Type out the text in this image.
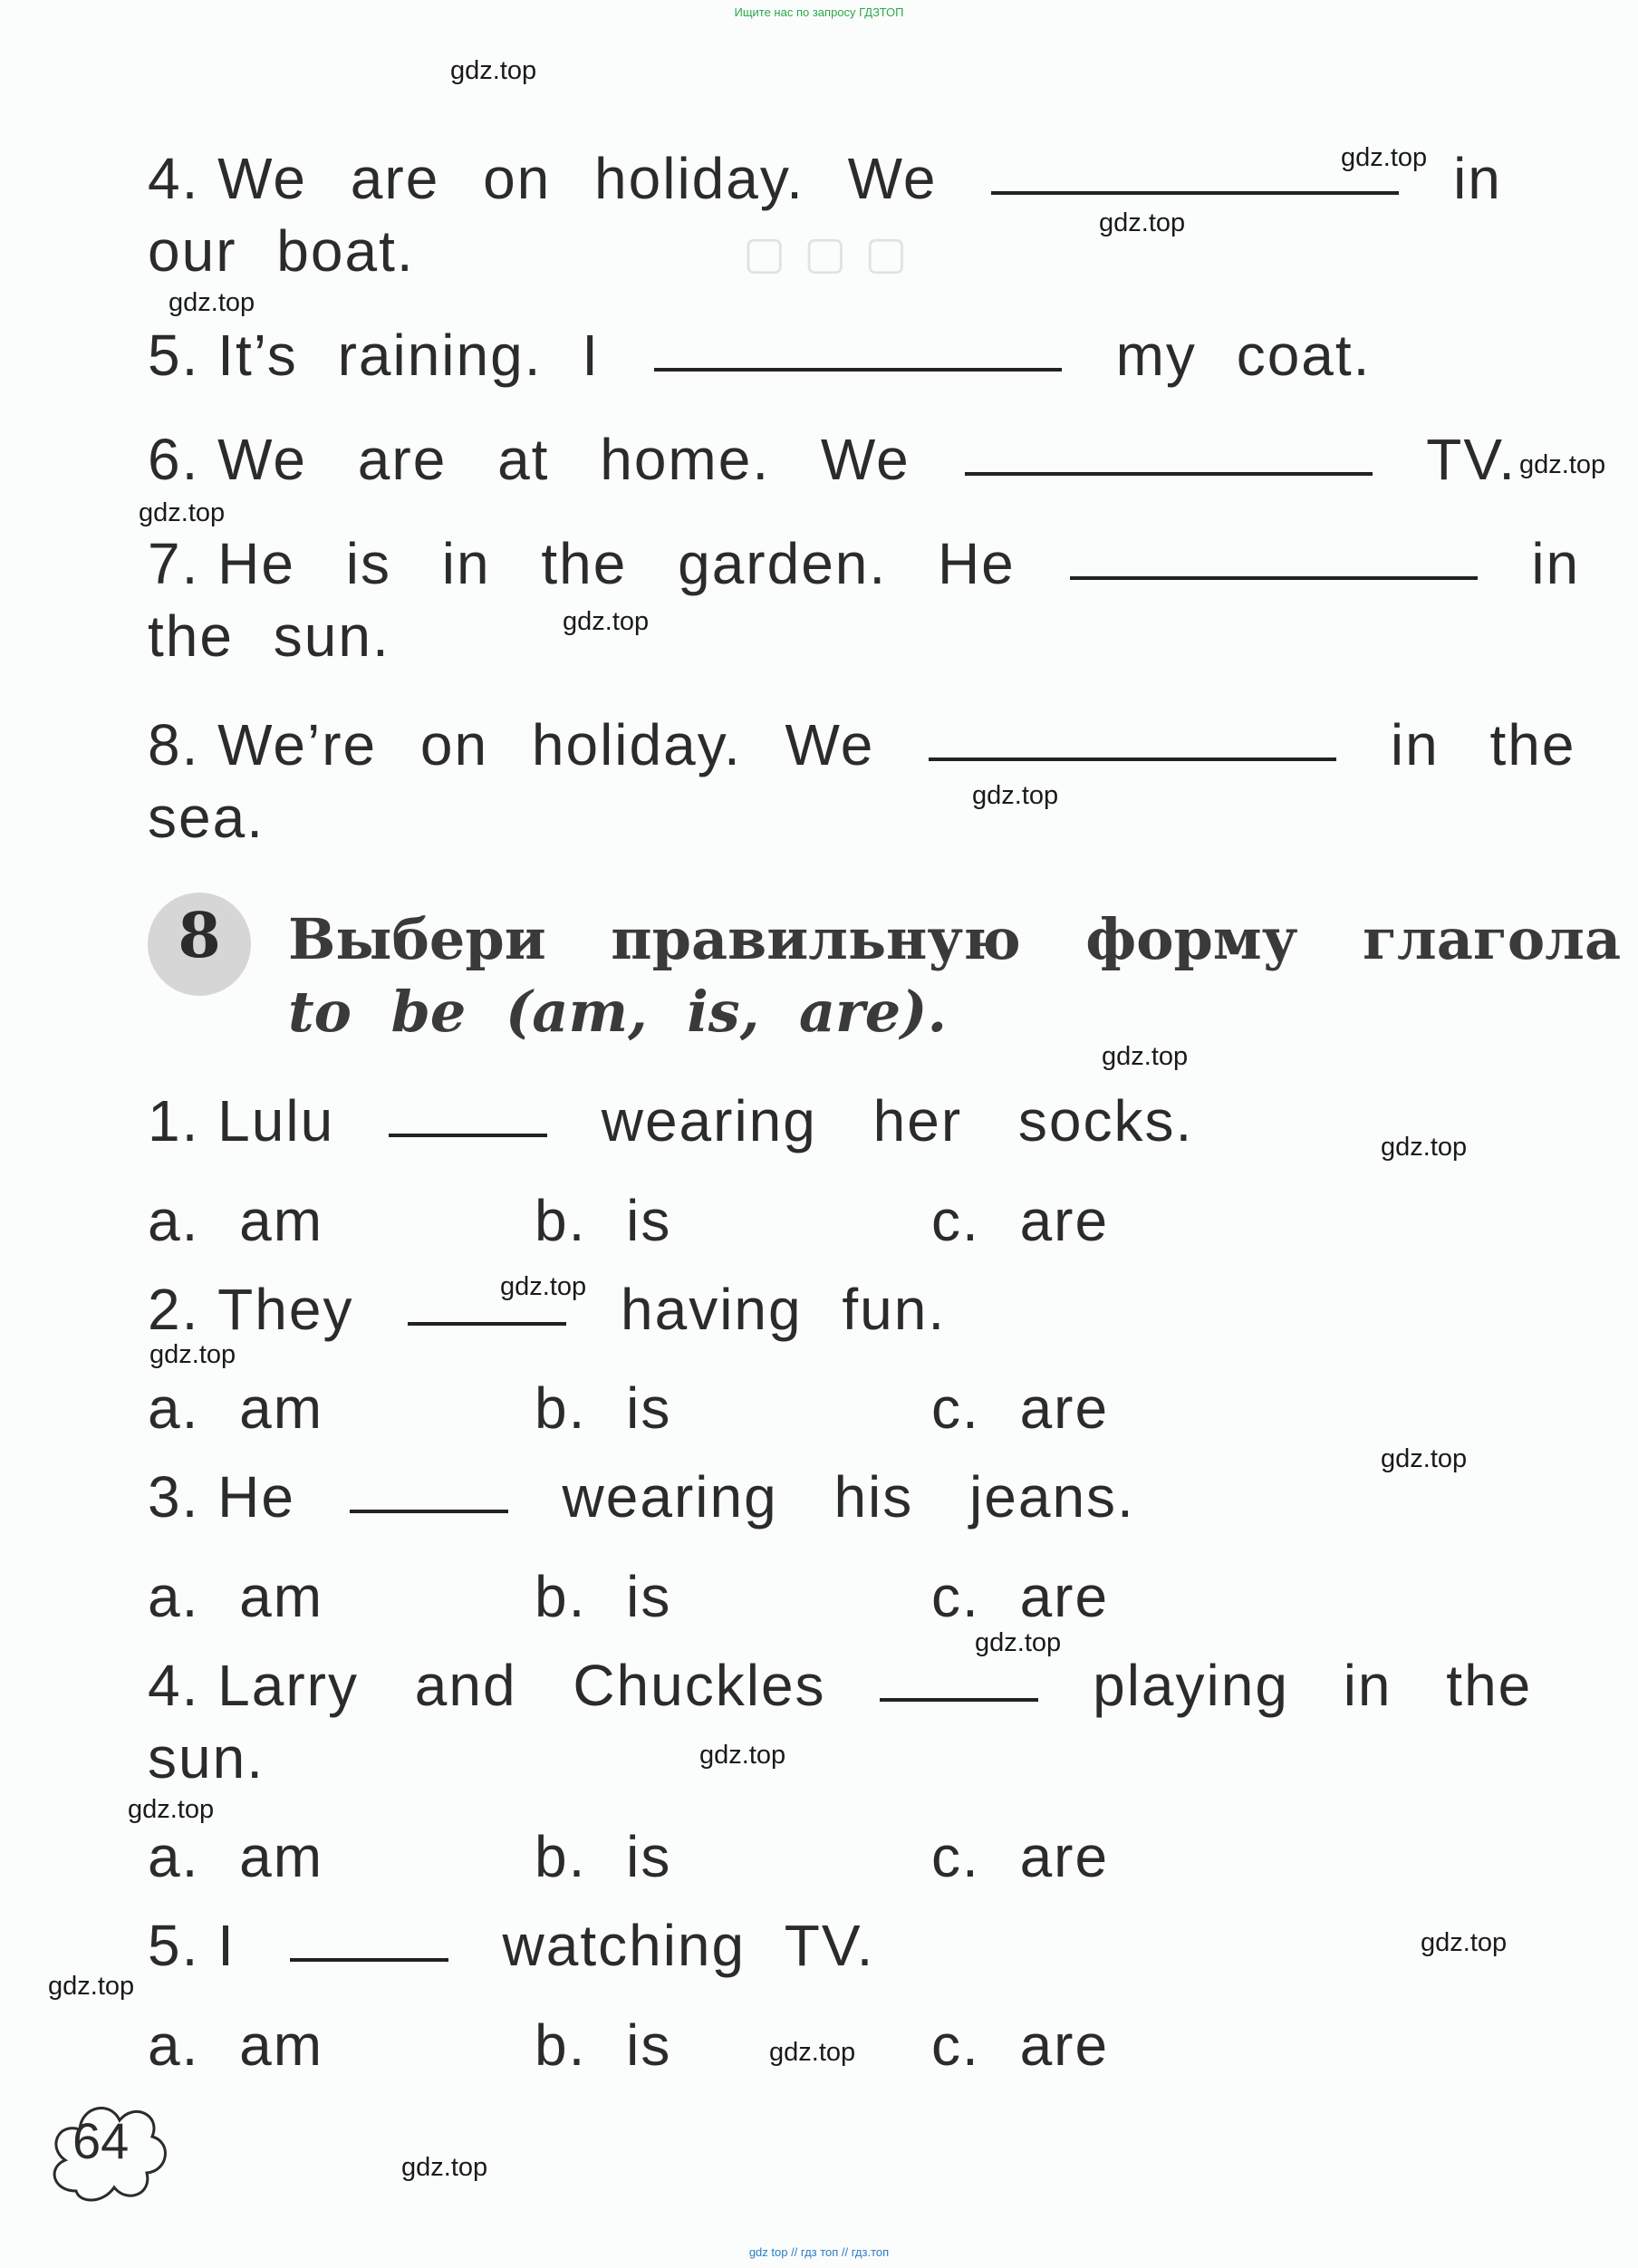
▢ ▢ ▢
Ищите нас по запросу ГДЗТОП
4. We are on holiday. We	in
our boat.
5. It’s raining. I	my coat.
6. We are at home. We	TV.
7. He is in the garden. He	in
the sun.
8. We’re on holiday. We	in the
sea.
8	Выбери правильную форму глагола
to be (am, is, are).
1. Lulu	wearing her socks.
a. am	b. is	c. are
2. They	having fun.
a. am	b. is	c. are
3. He	wearing his jeans.
a. am	b. is	c. are
4. Larry and Chuckles	playing in the
sun.
a. am	b. is	c. are
5. I	watching TV.
a. am	b. is	c. are
64
gdz.top
gdz.top
gdz.top
gdz.top
gdz.top
gdz.top
gdz.top
gdz.top
gdz.top
gdz.top
gdz.top
gdz.top
gdz.top
gdz.top
gdz.top
gdz.top
gdz.top
gdz.top
gdz.top
gdz.top
gdz top // гдз топ // гдз.топ
